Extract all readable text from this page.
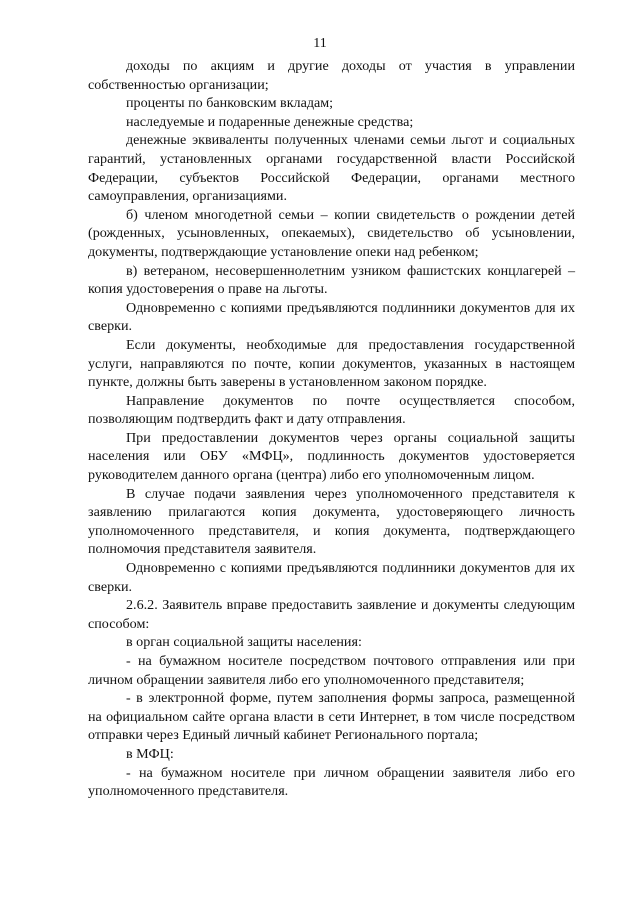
11

доходы по акциям и другие доходы от участия в управлении собственностью организации;

проценты по банковским вкладам;

наследуемые и подаренные денежные средства;

денежные эквиваленты полученных членами семьи льгот и социальных гарантий, установленных органами государственной власти Российской Федерации, субъектов Российской Федерации, органами местного самоуправления, организациями.

б) членом многодетной семьи – копии свидетельств о рождении детей (рожденных, усыновленных, опекаемых), свидетельство об усыновлении, документы, подтверждающие установление опеки над ребенком;

в) ветераном, несовершеннолетним узником фашистских концлагерей – копия удостоверения о праве на льготы.

Одновременно с копиями предъявляются подлинники документов для их сверки.

Если документы, необходимые для предоставления государственной услуги, направляются по почте, копии документов, указанных в настоящем пункте, должны быть заверены в установленном законом порядке.

Направление документов по почте осуществляется способом, позволяющим подтвердить факт и дату отправления.

При предоставлении документов через органы социальной защиты населения или ОБУ «МФЦ», подлинность документов удостоверяется руководителем данного органа (центра) либо его уполномоченным лицом.

В случае подачи заявления через уполномоченного представителя к заявлению прилагаются копия документа, удостоверяющего личность уполномоченного представителя, и копия документа, подтверждающего полномочия представителя заявителя.

Одновременно с копиями предъявляются подлинники документов для их сверки.

2.6.2. Заявитель вправе предоставить заявление и документы следующим способом:

в орган социальной защиты населения:

- на бумажном носителе посредством почтового отправления или при личном обращении заявителя либо его уполномоченного представителя;

- в электронной форме, путем заполнения формы запроса, размещенной на официальном сайте органа власти в сети Интернет, в том числе посредством отправки через Единый личный кабинет Регионального портала;

в МФЦ:

- на бумажном носителе при личном обращении заявителя либо его уполномоченного представителя.
